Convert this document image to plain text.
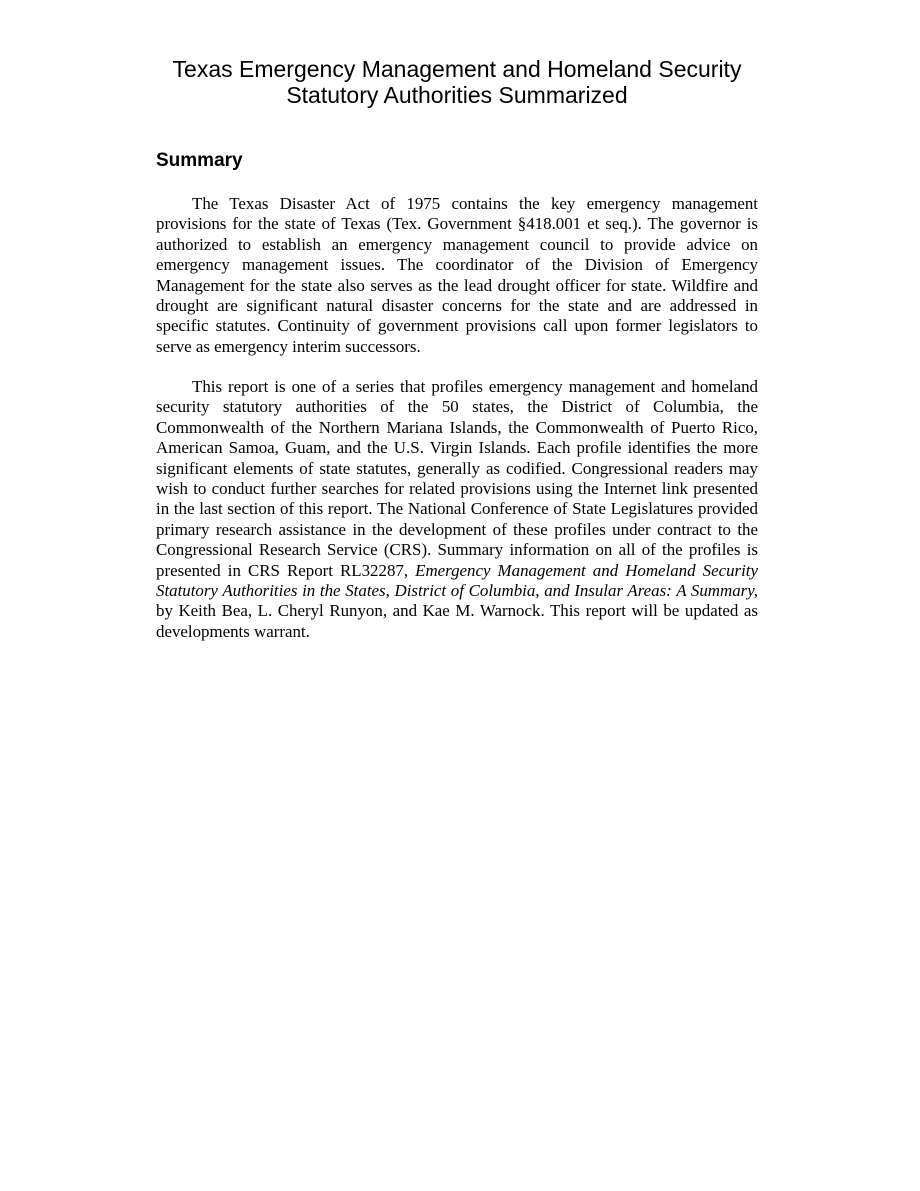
Texas Emergency Management and Homeland Security
Statutory Authorities Summarized
Summary

The Texas Disaster Act of 1975 contains the key emergency management provisions for the state of Texas (Tex. Government §418.001 et seq.). The governor is authorized to establish an emergency management council to provide advice on emergency management issues. The coordinator of the Division of Emergency Management for the state also serves as the lead drought officer for state. Wildfire and drought are significant natural disaster concerns for the state and are addressed in specific statutes. Continuity of government provisions call upon former legislators to serve as emergency interim successors.

This report is one of a series that profiles emergency management and homeland security statutory authorities of the 50 states, the District of Columbia, the Commonwealth of the Northern Mariana Islands, the Commonwealth of Puerto Rico, American Samoa, Guam, and the U.S. Virgin Islands. Each profile identifies the more significant elements of state statutes, generally as codified. Congressional readers may wish to conduct further searches for related provisions using the Internet link presented in the last section of this report. The National Conference of State Legislatures provided primary research assistance in the development of these profiles under contract to the Congressional Research Service (CRS). Summary information on all of the profiles is presented in CRS Report RL32287, Emergency Management and Homeland Security Statutory Authorities in the States, District of Columbia, and Insular Areas: A Summary, by Keith Bea, L. Cheryl Runyon, and Kae M. Warnock. This report will be updated as developments warrant.
